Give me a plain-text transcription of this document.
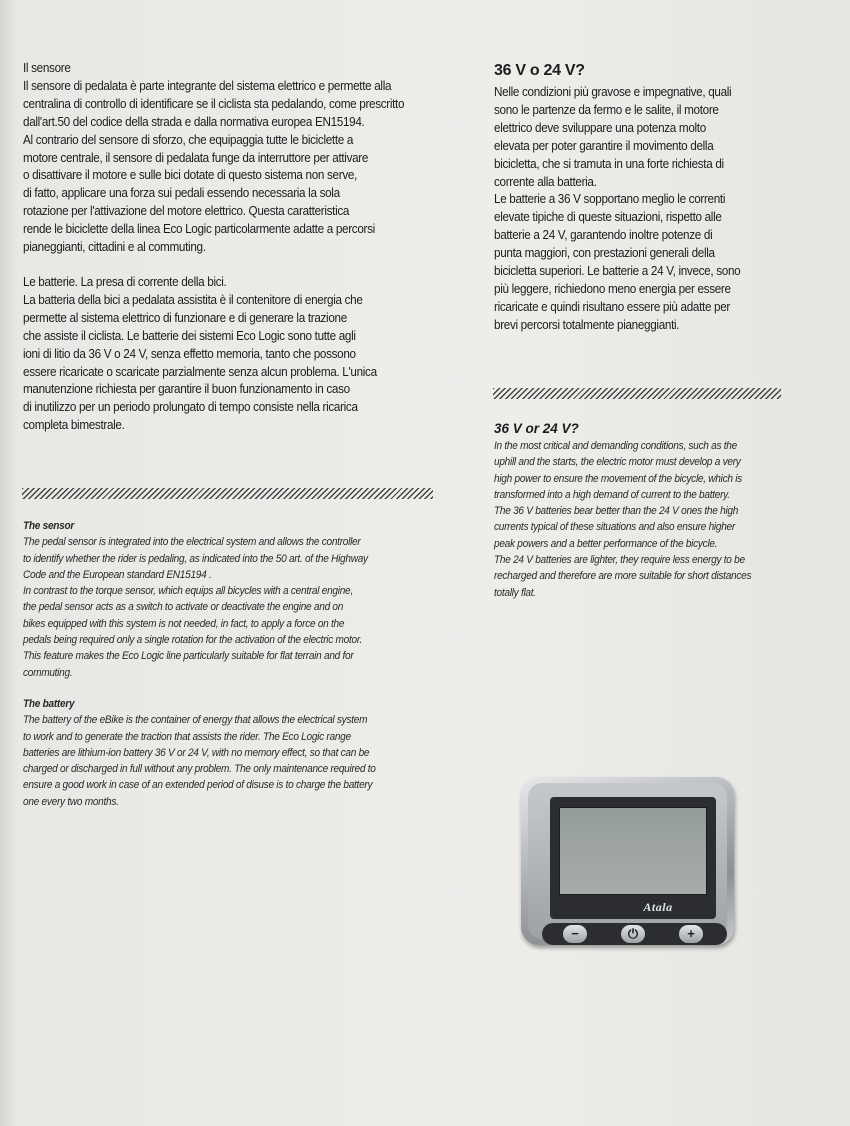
Il sensore

Il sensore di pedalata è parte integrante del sistema elettrico e permette alla

centralina di controllo di identificare se il ciclista sta pedalando, come prescritto

dall'art.50 del codice della strada e dalla normativa europea EN15194.

Al contrario del sensore di sforzo, che equipaggia tutte le biciclette a

motore centrale, il sensore di pedalata funge da interruttore per attivare

o disattivare il motore e sulle bici dotate di questo sistema non serve,

di fatto, applicare una forza sui pedali essendo necessaria la sola

rotazione per l'attivazione del motore elettrico. Questa caratteristica

rende le biciclette della linea Eco Logic particolarmente adatte a percorsi

pianeggianti, cittadini e al commuting.

Le batterie. La presa di corrente della bici.

La batteria della bici a pedalata assistita è il contenitore di energia che

permette al sistema elettrico di funzionare e di generare la trazione

che assiste il ciclista. Le batterie dei sistemi Eco Logic sono tutte agli

ioni di litio da 36 V o 24 V, senza effetto memoria, tanto che possono

essere ricaricate o scaricate parzialmente senza alcun problema. L'unica

manutenzione richiesta per garantire il buon funzionamento in caso

di inutilizzo per un periodo prolungato di tempo consiste nella ricarica

completa bimestrale.

The sensor

The pedal sensor is integrated into the electrical system and allows the controller

to identify whether the rider is pedaling, as indicated into the 50 art. of the Highway

Code and the European standard EN15194 .

In contrast to the torque sensor, which equips all bicycles with a central engine,

the pedal sensor acts as a switch to activate or deactivate the engine and on

bikes equipped with this system is not needed, in fact, to apply a force on the

pedals being required only a single rotation for the activation of the electric motor.

This feature makes the Eco Logic line particularly suitable for flat terrain and for

commuting.

The battery

The battery of the eBike is the container of energy that allows the electrical system

to work and to generate the traction that assists the rider. The Eco Logic range

batteries are lithium-ion battery 36 V or 24 V, with no memory effect, so that can be

charged or discharged in full without any problem. The only maintenance required to

ensure a good work in case of an extended period of disuse is to charge the battery

one every two months.

36 V o 24 V?

Nelle condizioni più gravose e impegnative, quali

sono le partenze da fermo e le salite, il motore

elettrico deve sviluppare una potenza molto

elevata per poter garantire il movimento della

bicicletta, che si tramuta in una forte richiesta di

corrente alla batteria.

Le batterie a 36 V sopportano meglio le correnti

elevate tipiche di queste situazioni, rispetto alle

batterie a 24 V, garantendo inoltre potenze di

punta maggiori, con prestazioni generali della

bicicletta superiori. Le batterie a 24 V, invece, sono

più leggere, richiedono meno energia per essere

ricaricate e quindi risultano essere più adatte per

brevi percorsi totalmente pianeggianti.

36 V or 24 V?

In the most critical and demanding conditions, such as the

uphill and the starts, the electric motor must develop a very

high power to ensure the movement of the bicycle, which is

transformed into a high demand of current to the battery.

The 36 V batteries bear better than the 24 V ones the high

currents typical of these situations and also ensure higher

peak powers and a better performance of the bicycle.

The 24 V batteries are lighter, they require less energy to be

recharged and therefore are more suitable for short distances

totally flat.

Atala
−	⏻	+
